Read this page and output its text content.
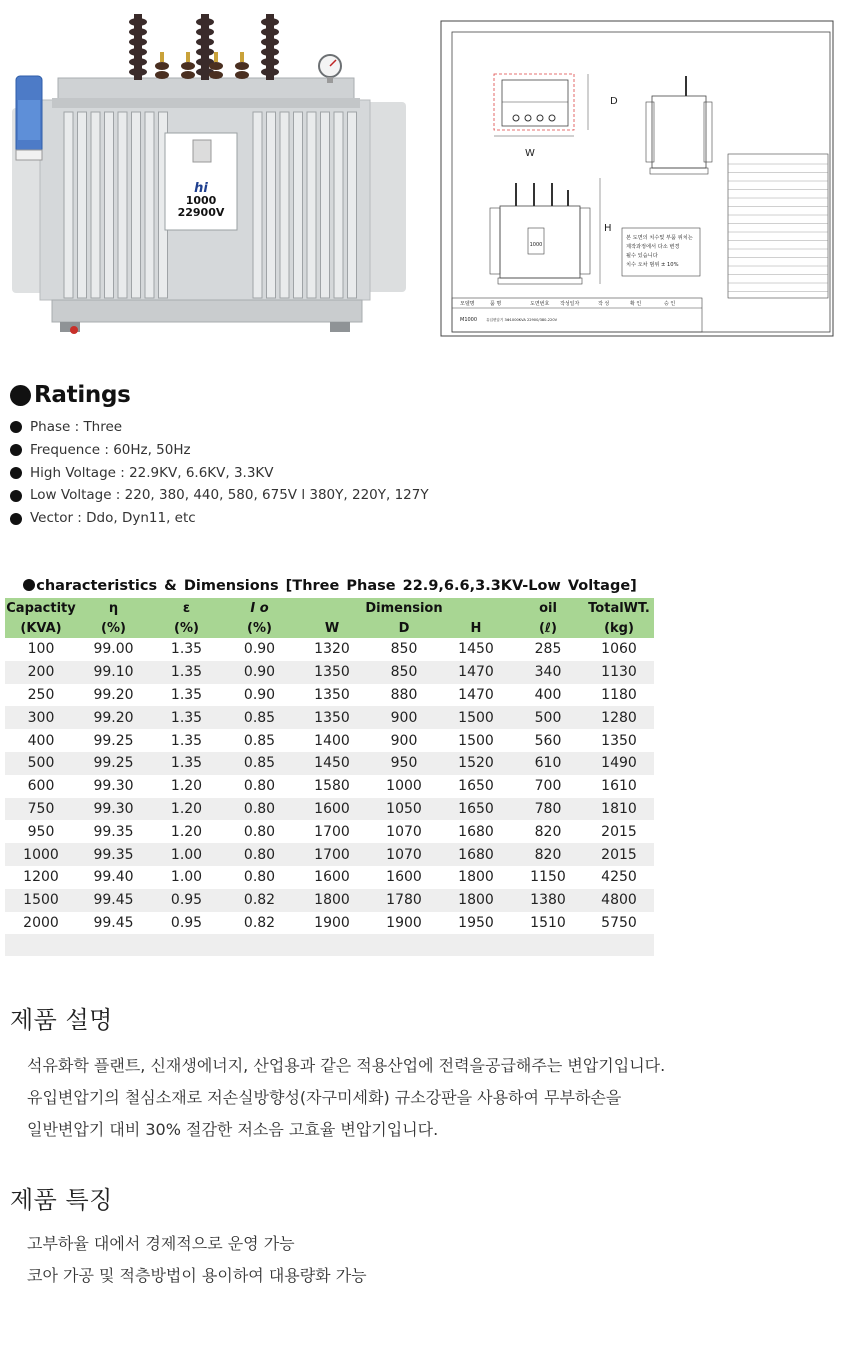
hi
1000
22900V
W
D
1000
H
본 도면의 치수및 부품 위치는 제작과정에서 다소 변경 될수 있습니다 치수 오차 범위 ± 10%
모델명	품 명	도면번호 작성일자	작 성	확 인	승 인
M1000 유입변압기 3Φ1000KVA 22900/380-220V
Ratings
Phase : Three
Frequence : 60Hz, 50Hz
High Voltage : 22.9KV, 6.6KV, 3.3KV
Low Voltage : 220, 380, 440, 580, 675V l 380Y, 220Y, 127Y
Vector : Ddo, Dyn11, etc
characteristics & Dimensions [Three Phase 22.9,6.6,3.3KV-Low Voltage]
Capactity	η	ε	I o	Dimension			oil	TotalWT.
(KVA)	(%)	(%)	(%)	W	D	H	(ℓ)	(kg)
100	99.00	1.35	0.90	1320	850	1450	285	1060
200	99.10	1.35	0.90	1350	850	1470	340	1130
250	99.20	1.35	0.90	1350	880	1470	400	1180
300	99.20	1.35	0.85	1350	900	1500	500	1280
400	99.25	1.35	0.85	1400	900	1500	560	1350
500	99.25	1.35	0.85	1450	950	1520	610	1490
600	99.30	1.20	0.80	1580	1000	1650	700	1610
750	99.30	1.20	0.80	1600	1050	1650	780	1810
950	99.35	1.20	0.80	1700	1070	1680	820	2015
1000	99.35	1.00	0.80	1700	1070	1680	820	2015
1200	99.40	1.00	0.80	1600	1600	1800	1150	4250
1500	99.45	0.95	0.82	1800	1780	1800	1380	4800
2000	99.45	0.95	0.82	1900	1900	1950	1510	5750

제품 설명

석유화학 플랜트, 신재생에너지, 산업용과 같은 적용산업에 전력을공급해주는 변압기입니다.

유입변압기의 철심소재로 저손실방향성(자구미세화) 규소강판을 사용하여 무부하손을

일반변압기 대비 30% 절감한 저소음 고효율 변압기입니다.

제품 특징

고부하율 대에서 경제적으로 운영 가능

코아 가공 및 적층방법이 용이하여 대용량화 가능
